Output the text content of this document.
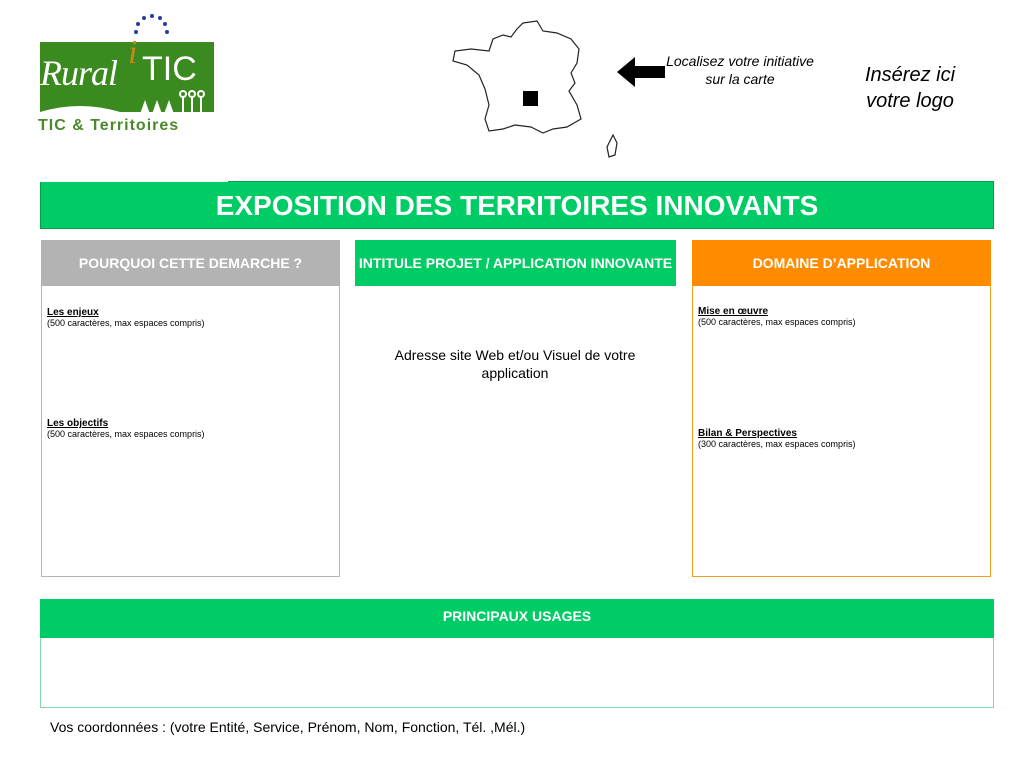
Rural
i TIC
TIC & Territoires
Localisez votre initiative sur la carte	Insérez ici votre logo
EXPOSITION DES TERRITOIRES INNOVANTS
Les enjeux
(500 caractères, max espaces compris)
Les objectifs
(500 caractères, max espaces compris)
POURQUOI CETTE DEMARCHE ?	INTITULE PROJET / APPLICATION INNOVANTE
Adresse site Web et/ou Visuel de votre application
Mise en œuvre
(500 caractères, max espaces compris)
Bilan & Perspectives
(300 caractères, max espaces compris)
DOMAINE D’APPLICATION
PRINCIPAUX USAGES
Vos coordonnées : (votre Entité, Service, Prénom, Nom, Fonction, Tél. ,Mél.)
